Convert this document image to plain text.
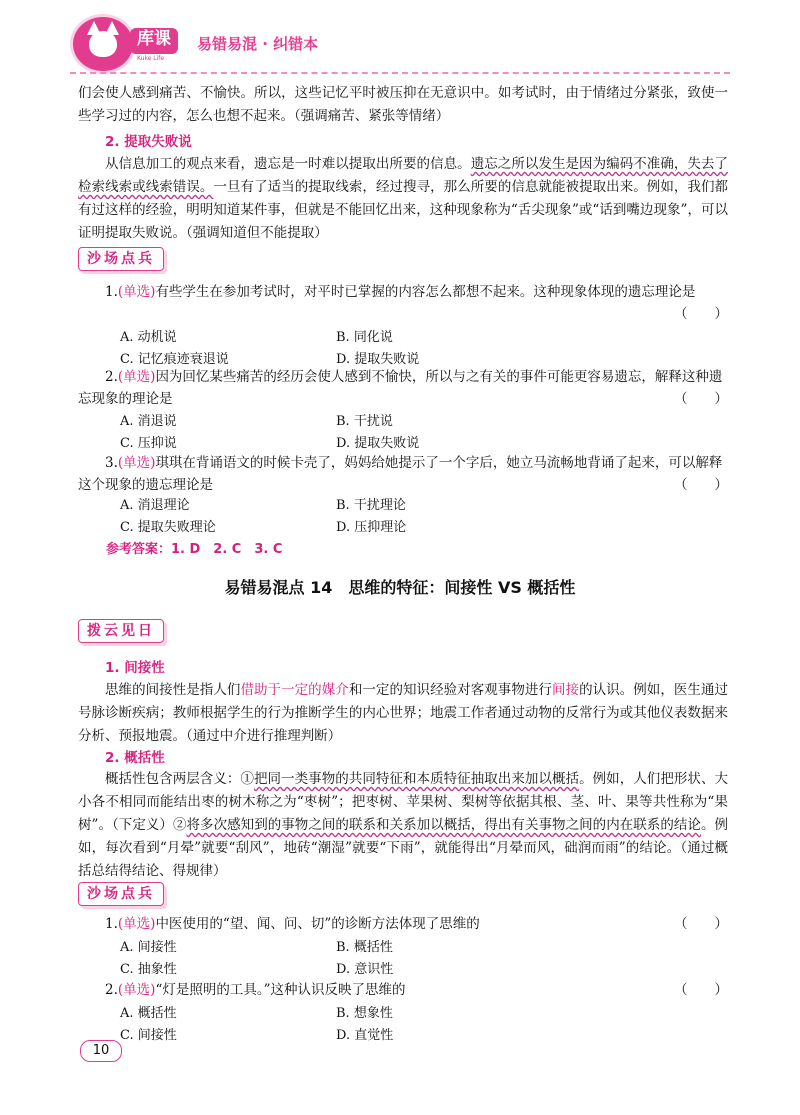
库课
Kuke Life
易错易混 · 纠错本
们会使人感到痛苦、不愉快。所以，这些记忆平时被压抑在无意识中。如考试时，由于情绪过分紧张，致使一些学习过的内容，怎么也想不起来。（强调痛苦、紧张等情绪）
2. 提取失败说
从信息加工的观点来看，遗忘是一时难以提取出所要的信息。遗忘之所以发生是因为编码不准确，失去了检索线索或线索错误。一旦有了适当的提取线索，经过搜寻，那么所要的信息就能被提取出来。例如，我们都有过这样的经验，明明知道某件事，但就是不能回忆出来，这种现象称为“舌尖现象”或“话到嘴边现象”，可以证明提取失败说。（强调知道但不能提取）
沙场点兵
1.(单选)有些学生在参加考试时，对平时已掌握的内容怎么都想不起来。这种现象体现的遗忘理论是
（　　）
A. 动机说	B. 同化说
C. 记忆痕迹衰退说	D. 提取失败说
2.(单选)因为回忆某些痛苦的经历会使人感到不愉快，所以与之有关的事件可能更容易遗忘，解释这种遗忘现象的理论是	（　　）
A. 消退说	B. 干扰说
C. 压抑说	D. 提取失败说
3.(单选)琪琪在背诵语文的时候卡壳了，妈妈给她提示了一个字后，她立马流畅地背诵了起来，可以解释这个现象的遗忘理论是	（　　）
A. 消退理论	B. 干扰理论
C. 提取失败理论	D. 压抑理论
参考答案：1. D　2. C　3. C
易错易混点 14　思维的特征：间接性 VS 概括性
拨云见日
1. 间接性
思维的间接性是指人们借助于一定的媒介和一定的知识经验对客观事物进行间接的认识。例如，医生通过号脉诊断疾病；教师根据学生的行为推断学生的内心世界；地震工作者通过动物的反常行为或其他仪表数据来分析、预报地震。（通过中介进行推理判断）
2. 概括性
概括性包含两层含义：①把同一类事物的共同特征和本质特征抽取出来加以概括。例如，人们把形状、大小各不相同而能结出枣的树木称之为“枣树”；把枣树、苹果树、梨树等依据其根、茎、叶、果等共性称为“果树”。（下定义）②将多次感知到的事物之间的联系和关系加以概括，得出有关事物之间的内在联系的结论。例如，每次看到“月晕”就要“刮风”，地砖“潮湿”就要“下雨”，就能得出“月晕而风，础润而雨”的结论。（通过概括总结得结论、得规律）
沙场点兵
1.(单选)中医使用的“望、闻、问、切”的诊断方法体现了思维的	（　　）
A. 间接性	B. 概括性
C. 抽象性	D. 意识性
2.(单选)“灯是照明的工具。”这种认识反映了思维的	（　　）
A. 概括性	B. 想象性
C. 间接性	D. 直觉性
10
